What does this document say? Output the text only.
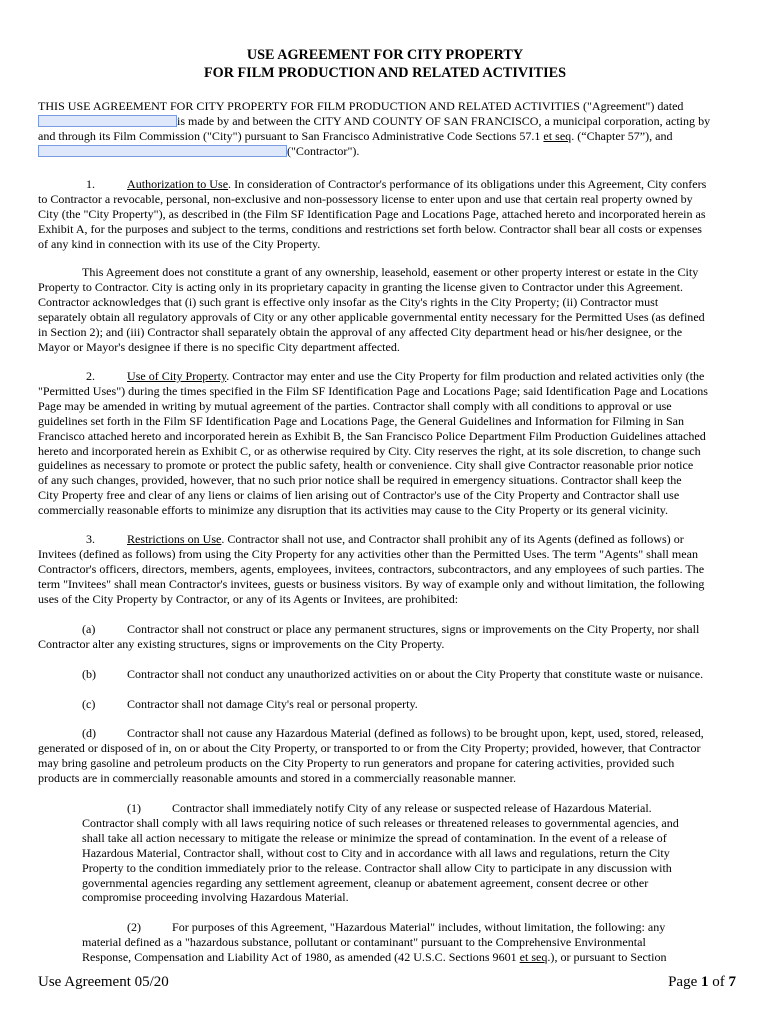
USE AGREEMENT FOR CITY PROPERTY
FOR FILM PRODUCTION AND RELATED ACTIVITIES
THIS USE AGREEMENT FOR CITY PROPERTY FOR FILM PRODUCTION AND RELATED ACTIVITIES ("Agreement") dated
is made by and between the CITY AND COUNTY OF SAN FRANCISCO, a municipal corporation, acting by
and through its Film Commission ("City") pursuant to San Francisco Administrative Code Sections 57.1 et seq. (“Chapter 57”), and
("Contractor").
1.	Authorization to Use. In consideration of Contractor's performance of its obligations under this Agreement, City confers
to Contractor a revocable, personal, non-exclusive and non-possessory license to enter upon and use that certain real property owned by
City (the "City Property"), as described in (the Film SF Identification Page and Locations Page, attached hereto and incorporated herein as
Exhibit A, for the purposes and subject to the terms, conditions and restrictions set forth below. Contractor shall bear all costs or expenses
of any kind in connection with its use of the City Property.
This Agreement does not constitute a grant of any ownership, leasehold, easement or other property interest or estate in the City
Property to Contractor. City is acting only in its proprietary capacity in granting the license given to Contractor under this Agreement.
Contractor acknowledges that (i) such grant is effective only insofar as the City's rights in the City Property; (ii) Contractor must
separately obtain all regulatory approvals of City or any other applicable governmental entity necessary for the Permitted Uses (as defined
in Section 2); and (iii) Contractor shall separately obtain the approval of any affected City department head or his/her designee, or the
Mayor or Mayor's designee if there is no specific City department affected.
2.	Use of City Property. Contractor may enter and use the City Property for film production and related activities only (the
"Permitted Uses") during the times specified in the Film SF Identification Page and Locations Page; said Identification Page and Locations
Page may be amended in writing by mutual agreement of the parties. Contractor shall comply with all conditions to approval or use
guidelines set forth in the Film SF Identification Page and Locations Page, the General Guidelines and Information for Filming in San
Francisco attached hereto and incorporated herein as Exhibit B, the San Francisco Police Department Film Production Guidelines attached
hereto and incorporated herein as Exhibit C, or as otherwise required by City. City reserves the right, at its sole discretion, to change such
guidelines as necessary to promote or protect the public safety, health or convenience. City shall give Contractor reasonable prior notice
of any such changes, provided, however, that no such prior notice shall be required in emergency situations. Contractor shall keep the
City Property free and clear of any liens or claims of lien arising out of Contractor's use of the City Property and Contractor shall use
commercially reasonable efforts to minimize any disruption that its activities may cause to the City Property or its general vicinity.
3.	Restrictions on Use. Contractor shall not use, and Contractor shall prohibit any of its Agents (defined as follows) or
Invitees (defined as follows) from using the City Property for any activities other than the Permitted Uses. The term "Agents" shall mean
Contractor's officers, directors, members, agents, employees, invitees, contractors, subcontractors, and any employees of such parties. The
term "Invitees" shall mean Contractor's invitees, guests or business visitors. By way of example only and without limitation, the following
uses of the City Property by Contractor, or any of its Agents or Invitees, are prohibited:
(a)	Contractor shall not construct or place any permanent structures, signs or improvements on the City Property, nor shall
Contractor alter any existing structures, signs or improvements on the City Property.
(b)	Contractor shall not conduct any unauthorized activities on or about the City Property that constitute waste or nuisance.
(c)	Contractor shall not damage City's real or personal property.
(d)	Contractor shall not cause any Hazardous Material (defined as follows) to be brought upon, kept, used, stored, released,
generated or disposed of in, on or about the City Property, or transported to or from the City Property; provided, however, that Contractor
may bring gasoline and petroleum products on the City Property to run generators and propane for catering activities, provided such
products are in commercially reasonable amounts and stored in a commercially reasonable manner.
(1)	Contractor shall immediately notify City of any release or suspected release of Hazardous Material.
Contractor shall comply with all laws requiring notice of such releases or threatened releases to governmental agencies, and
shall take all action necessary to mitigate the release or minimize the spread of contamination. In the event of a release of
Hazardous Material, Contractor shall, without cost to City and in accordance with all laws and regulations, return the City
Property to the condition immediately prior to the release. Contractor shall allow City to participate in any discussion with
governmental agencies regarding any settlement agreement, cleanup or abatement agreement, consent decree or other
compromise proceeding involving Hazardous Material.
(2)	For purposes of this Agreement, "Hazardous Material" includes, without limitation, the following: any
material defined as a "hazardous substance, pollutant or contaminant" pursuant to the Comprehensive Environmental
Response, Compensation and Liability Act of 1980, as amended (42 U.S.C. Sections 9601 et seq.), or pursuant to Section
Use Agreement 05/20	Page 1 of 7
